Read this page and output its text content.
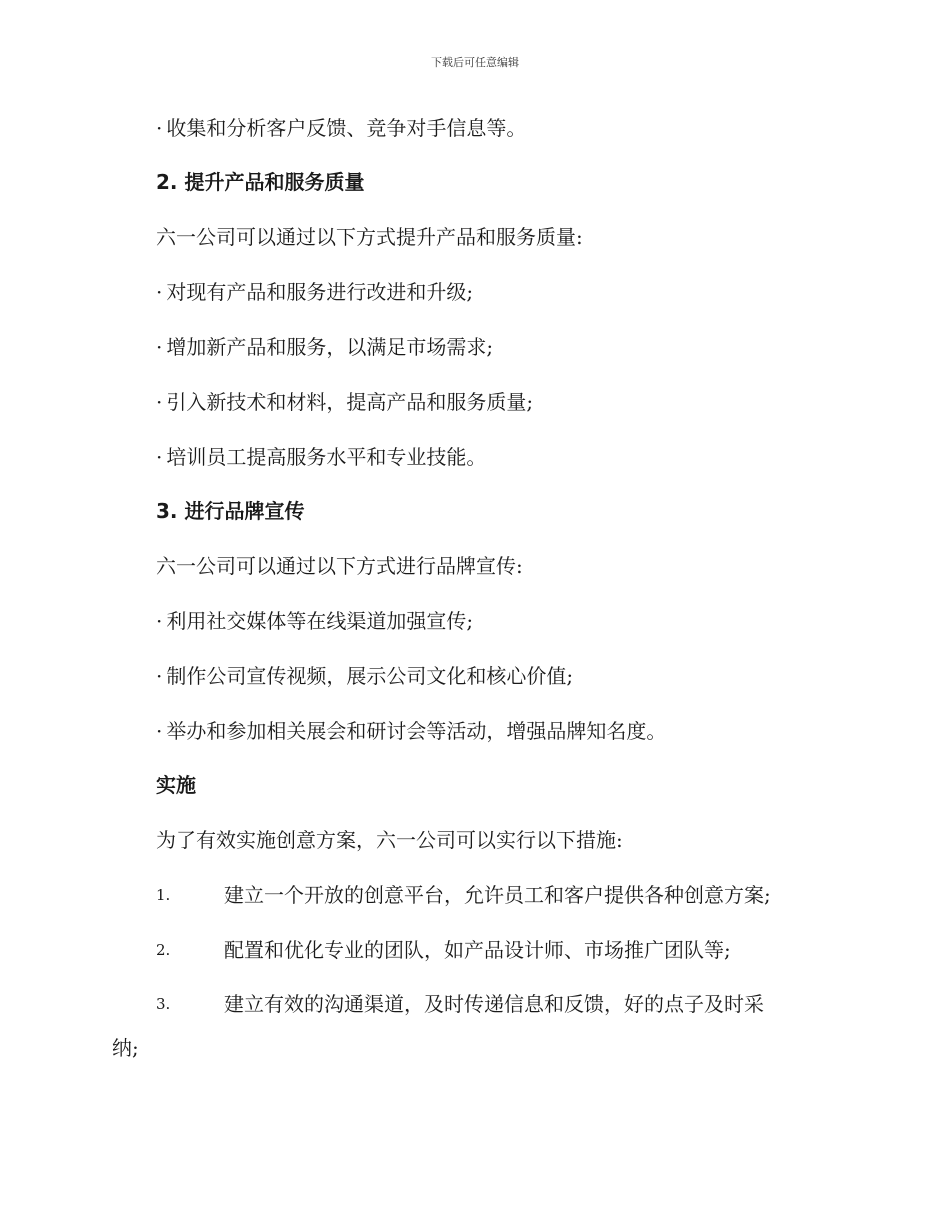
下载后可任意编辑
· 收集和分析客户反馈、竞争对手信息等。
2. 提升产品和服务质量
六一公司可以通过以下方式提升产品和服务质量:
· 对现有产品和服务进行改进和升级;
· 增加新产品和服务，以满足市场需求;
· 引入新技术和材料，提高产品和服务质量;
· 培训员工提高服务水平和专业技能。
3. 进行品牌宣传
六一公司可以通过以下方式进行品牌宣传:
· 利用社交媒体等在线渠道加强宣传;
· 制作公司宣传视频，展示公司文化和核心价值;
· 举办和参加相关展会和研讨会等活动，增强品牌知名度。
实施
为了有效实施创意方案，六一公司可以实行以下措施:
1.	建立一个开放的创意平台，允许员工和客户提供各种创意方案;
2.	配置和优化专业的团队，如产品设计师、市场推广团队等;
3.	建立有效的沟通渠道，及时传递信息和反馈，好的点子及时采
纳;
